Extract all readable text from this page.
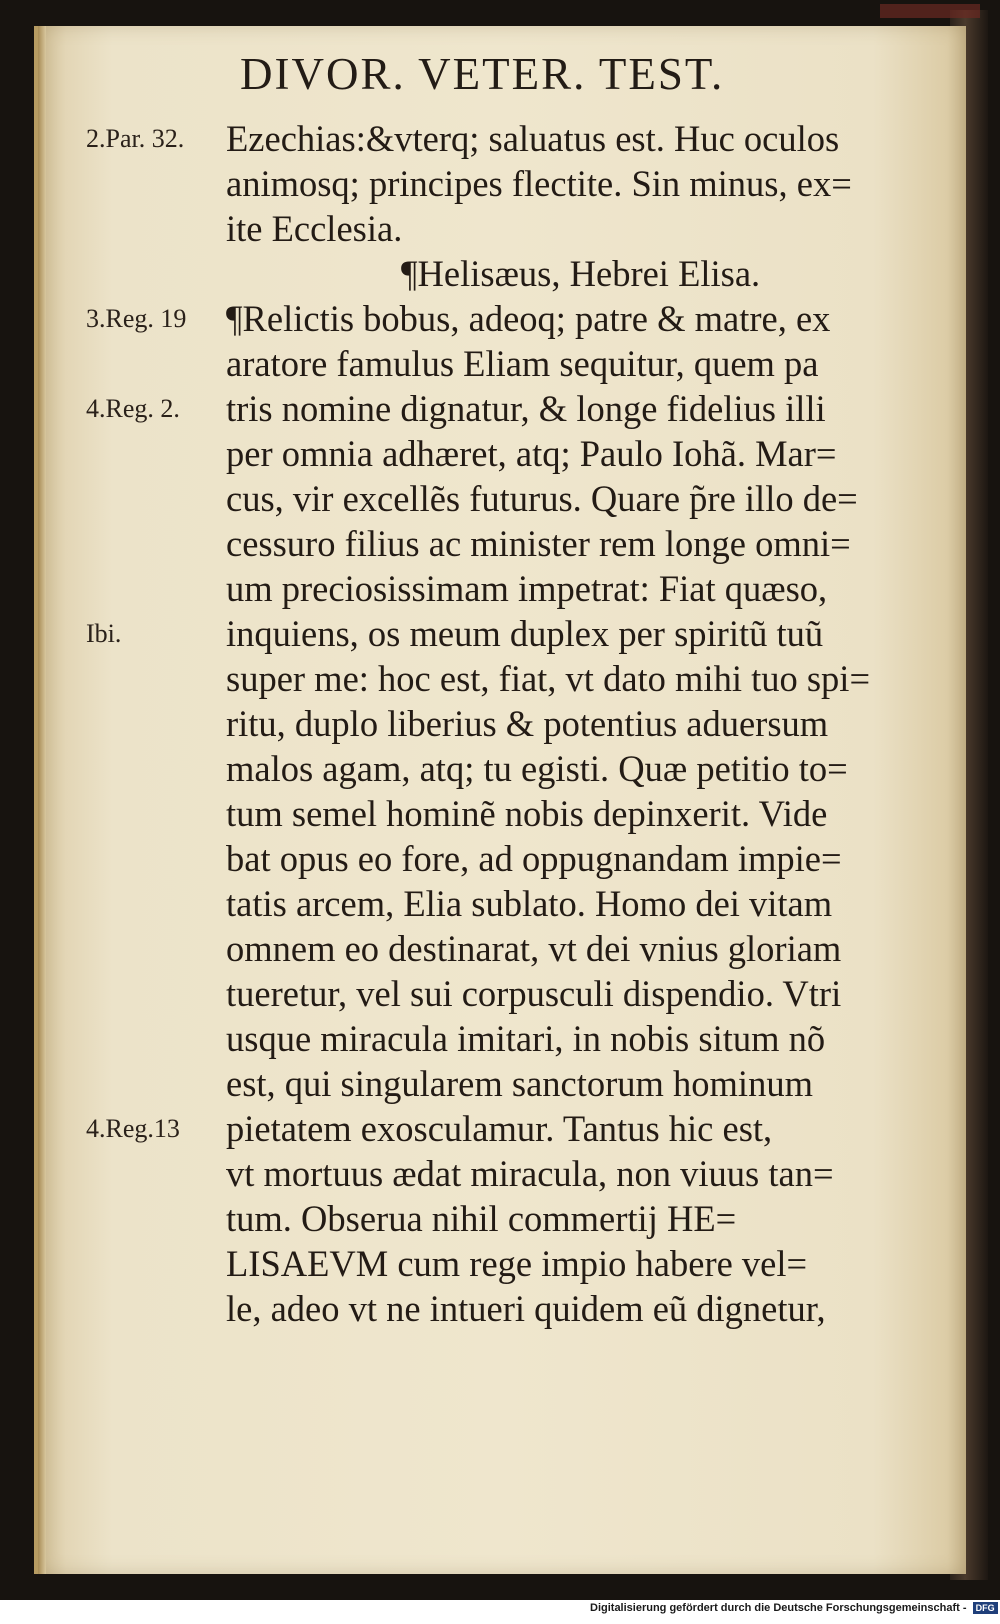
DIVOR. VETER. TEST.
2.Par. 32.
3.Reg. 19
4.Reg. 2.
Ibi.
4.Reg.13
Ezechias:&vterq; saluatus est. Huc oculos
animosq; principes flectite. Sin minus, ex=
ite Ecclesia.
¶Helisæus, Hebrei Elisa.
¶Relictis bobus, adeoq; patre & matre, ex
aratore famulus Eliam sequitur, quem pa
tris nomine dignatur, & longe fidelius illi
per omnia adhæret, atq; Paulo Iohã. Mar=
cus, vir excellẽs futurus. Quare p̃re illo de=
cessuro filius ac minister rem longe omni=
um preciosissimam impetrat: Fiat quæso,
inquiens, os meum duplex per spiritũ tuũ
super me: hoc est, fiat, vt dato mihi tuo spi=
ritu, duplo liberius & potentius aduersum
malos agam, atq; tu egisti. Quæ petitio to=
tum semel hominẽ nobis depinxerit. Vide
bat opus eo fore, ad oppugnandam impie=
tatis arcem, Elia sublato. Homo dei vitam
omnem eo destinarat, vt dei vnius gloriam
tueretur, vel sui corpusculi dispendio. Vtri
usque miracula imitari, in nobis situm nõ
est, qui singularem sanctorum hominum
pietatem exosculamur. Tantus hic est,
vt mortuus ædat miracula, non viuus tan=
tum. Obserua nihil commertij HE=
LISAEVM cum rege impio habere vel=
le, adeo vt ne intueri quidem eũ dignetur,
Digitalisierung gefördert durch die Deutsche Forschungsgemeinschaft - DFG
